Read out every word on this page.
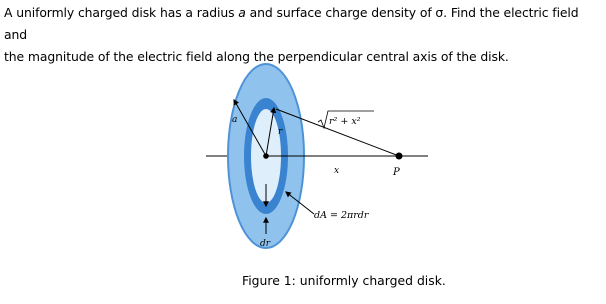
A uniformly charged disk has a radius a and surface charge density of σ. Find the electric field and
the magnitude of the electric field along the perpendicular central axis of the disk.
a
r
x	P
dr
r² + x²
dA = 2πrdr
Figure 1: uniformly charged disk.
